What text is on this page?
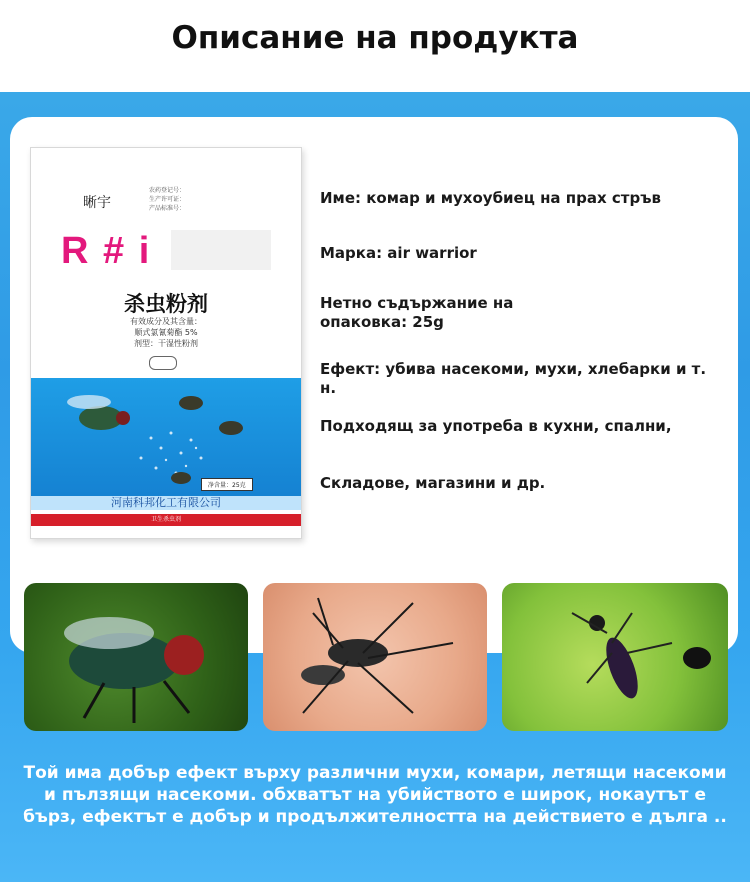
Описание на продукта
晰宇
农药登记号：
生产许可证：
产品标准号：
R # i
杀虫粉剂
有效成分及其含量：
顺式氯氰菊酯 5%
剂型：干湿性粉剂
净含量：25克
河南科邦化工有限公司
卫生杀虫剂
Име: комар и мухоубиец на прах стръв
Марка: air warrior
Нетно съдържание на
опаковка: 25g
Ефект: убива насекоми, мухи, хлебарки и т. н.
Подходящ за употреба в кухни, спални,
Складове, магазини и др.
Той има добър ефект върху различни мухи, комари, летящи насекоми и пълзящи насекоми. обхватът на убийството е широк, нокаутът е бърз, ефектът е добър и продължителността на действието е дълга ..
